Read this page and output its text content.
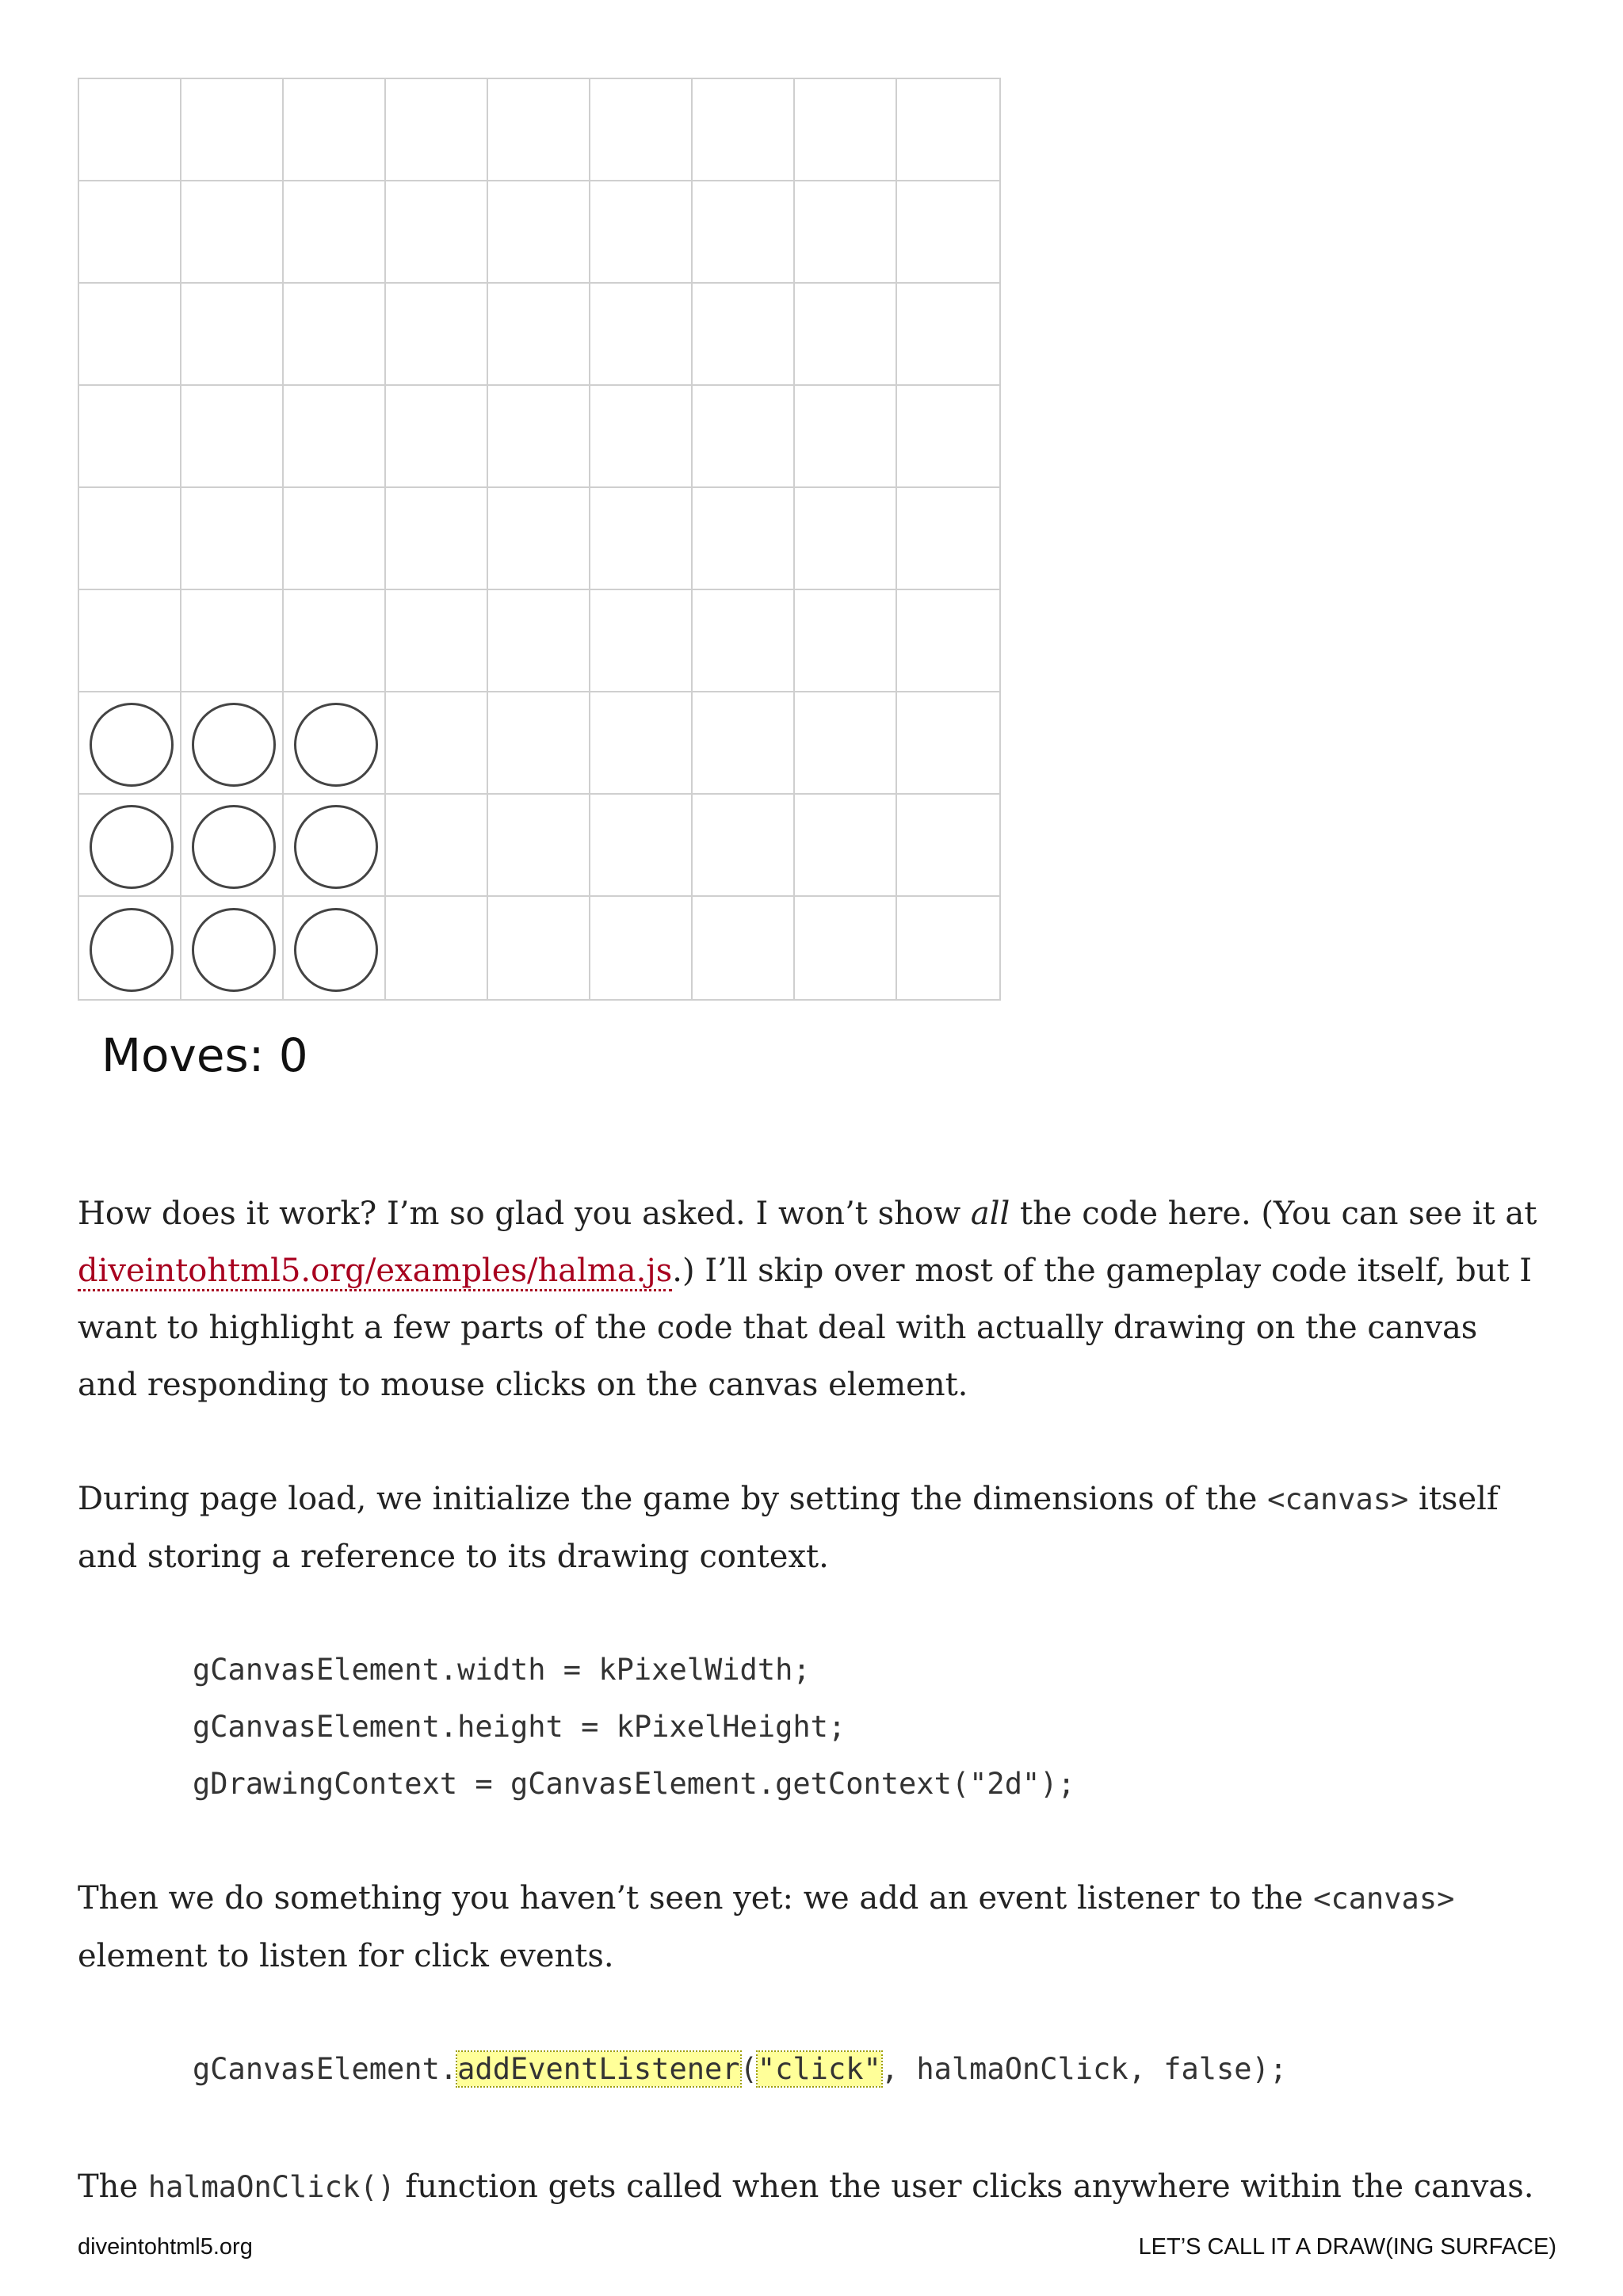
Moves: 0

How does it work? I’m so glad you asked. I won’t show all the code here. (You can see it at diveintohtml5.org/examples/halma.js.) I’ll skip over most of the gameplay code itself, but I want to highlight a few parts of the code that deal with actually drawing on the canvas and responding to mouse clicks on the canvas element.

During page load, we initialize the game by setting the dimensions of the <canvas> itself and storing a reference to its drawing context.

gCanvasElement.width = kPixelWidth;
gCanvasElement.height = kPixelHeight;
gDrawingContext = gCanvasElement.getContext("2d");

Then we do something you haven’t seen yet: we add an event listener to the <canvas> element to listen for click events.

gCanvasElement.addEventListener("click", halmaOnClick, false);

The halmaOnClick() function gets called when the user clicks anywhere within the canvas.

diveintohtml5.org	LET’S CALL IT A DRAW(ING SURFACE)
